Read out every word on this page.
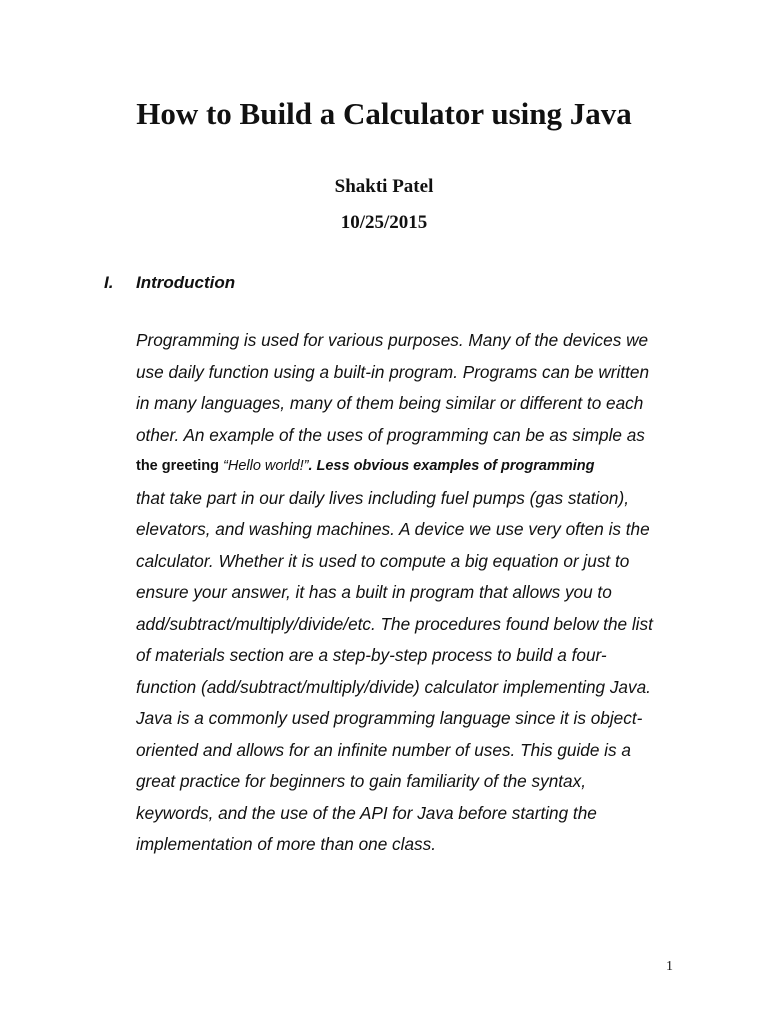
How to Build a Calculator using Java

Shakti Patel

10/25/2015

I. Introduction
Programming is used for various purposes. Many of the devices we
use daily function using a built-in program. Programs can be written
in many languages, many of them being similar or different to each
other. An example of the uses of programming can be as simple as
the greeting “Hello world!”. Less obvious examples of programming
that take part in our daily lives including fuel pumps (gas station),
elevators, and washing machines. A device we use very often is the
calculator. Whether it is used to compute a big equation or just to
ensure your answer, it has a built in program that allows you to
add/subtract/multiply/divide/etc. The procedures found below the list
of materials section are a step-by-step process to build a four-
function (add/subtract/multiply/divide) calculator implementing Java.
Java is a commonly used programming language since it is object-
oriented and allows for an infinite number of uses. This guide is a
great practice for beginners to gain familiarity of the syntax,
keywords, and the use of the API for Java before starting the
implementation of more than one class.

1
